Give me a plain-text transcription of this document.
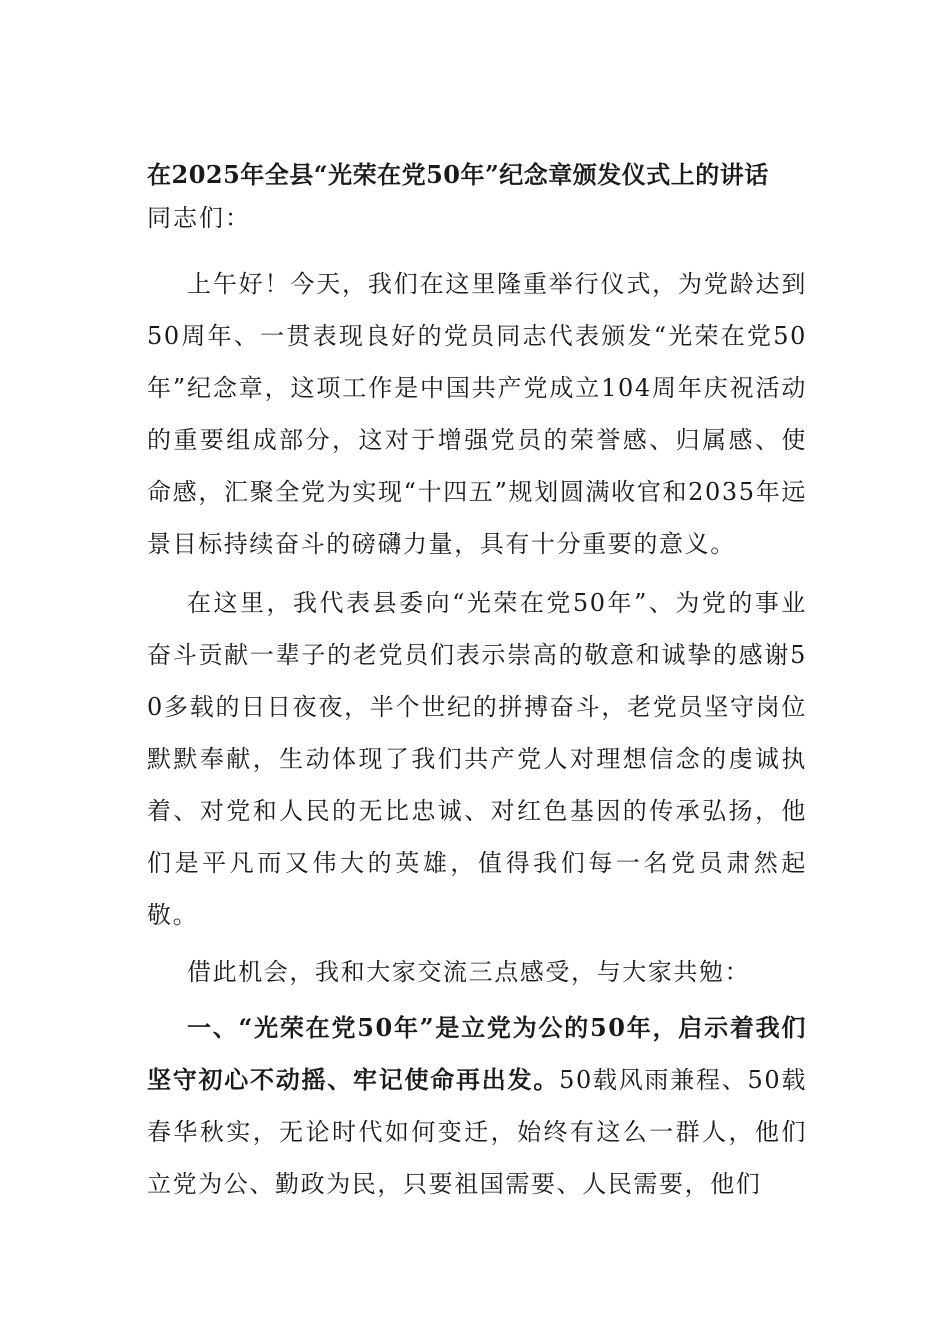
在2025年全县“光荣在党50年”纪念章颁发仪式上的讲话
同志们：

上午好！今天，我们在这里隆重举行仪式，为党龄达到50周年、一贯表现良好的党员同志代表颁发“光荣在党50年”纪念章，这项工作是中国共产党成立104周年庆祝活动的重要组成部分，这对于增强党员的荣誉感、归属感、使命感，汇聚全党为实现“十四五”规划圆满收官和2035年远景目标持续奋斗的磅礴力量，具有十分重要的意义。

在这里，我代表县委向“光荣在党50年”、为党的事业奋斗贡献一辈子的老党员们表示崇高的敬意和诚挚的感谢50多载的日日夜夜，半个世纪的拼搏奋斗，老党员坚守岗位默默奉献，生动体现了我们共产党人对理想信念的虔诚执着、对党和人民的无比忠诚、对红色基因的传承弘扬，他们是平凡而又伟大的英雄，值得我们每一名党员肃然起敬。

借此机会，我和大家交流三点感受，与大家共勉：

一、“光荣在党50年”是立党为公的50年，启示着我们坚守初心不动摇、牢记使命再出发。50载风雨兼程、50载春华秋实，无论时代如何变迁，始终有这么一群人，他们立党为公、勤政为民，只要祖国需要、人民需要，他们
